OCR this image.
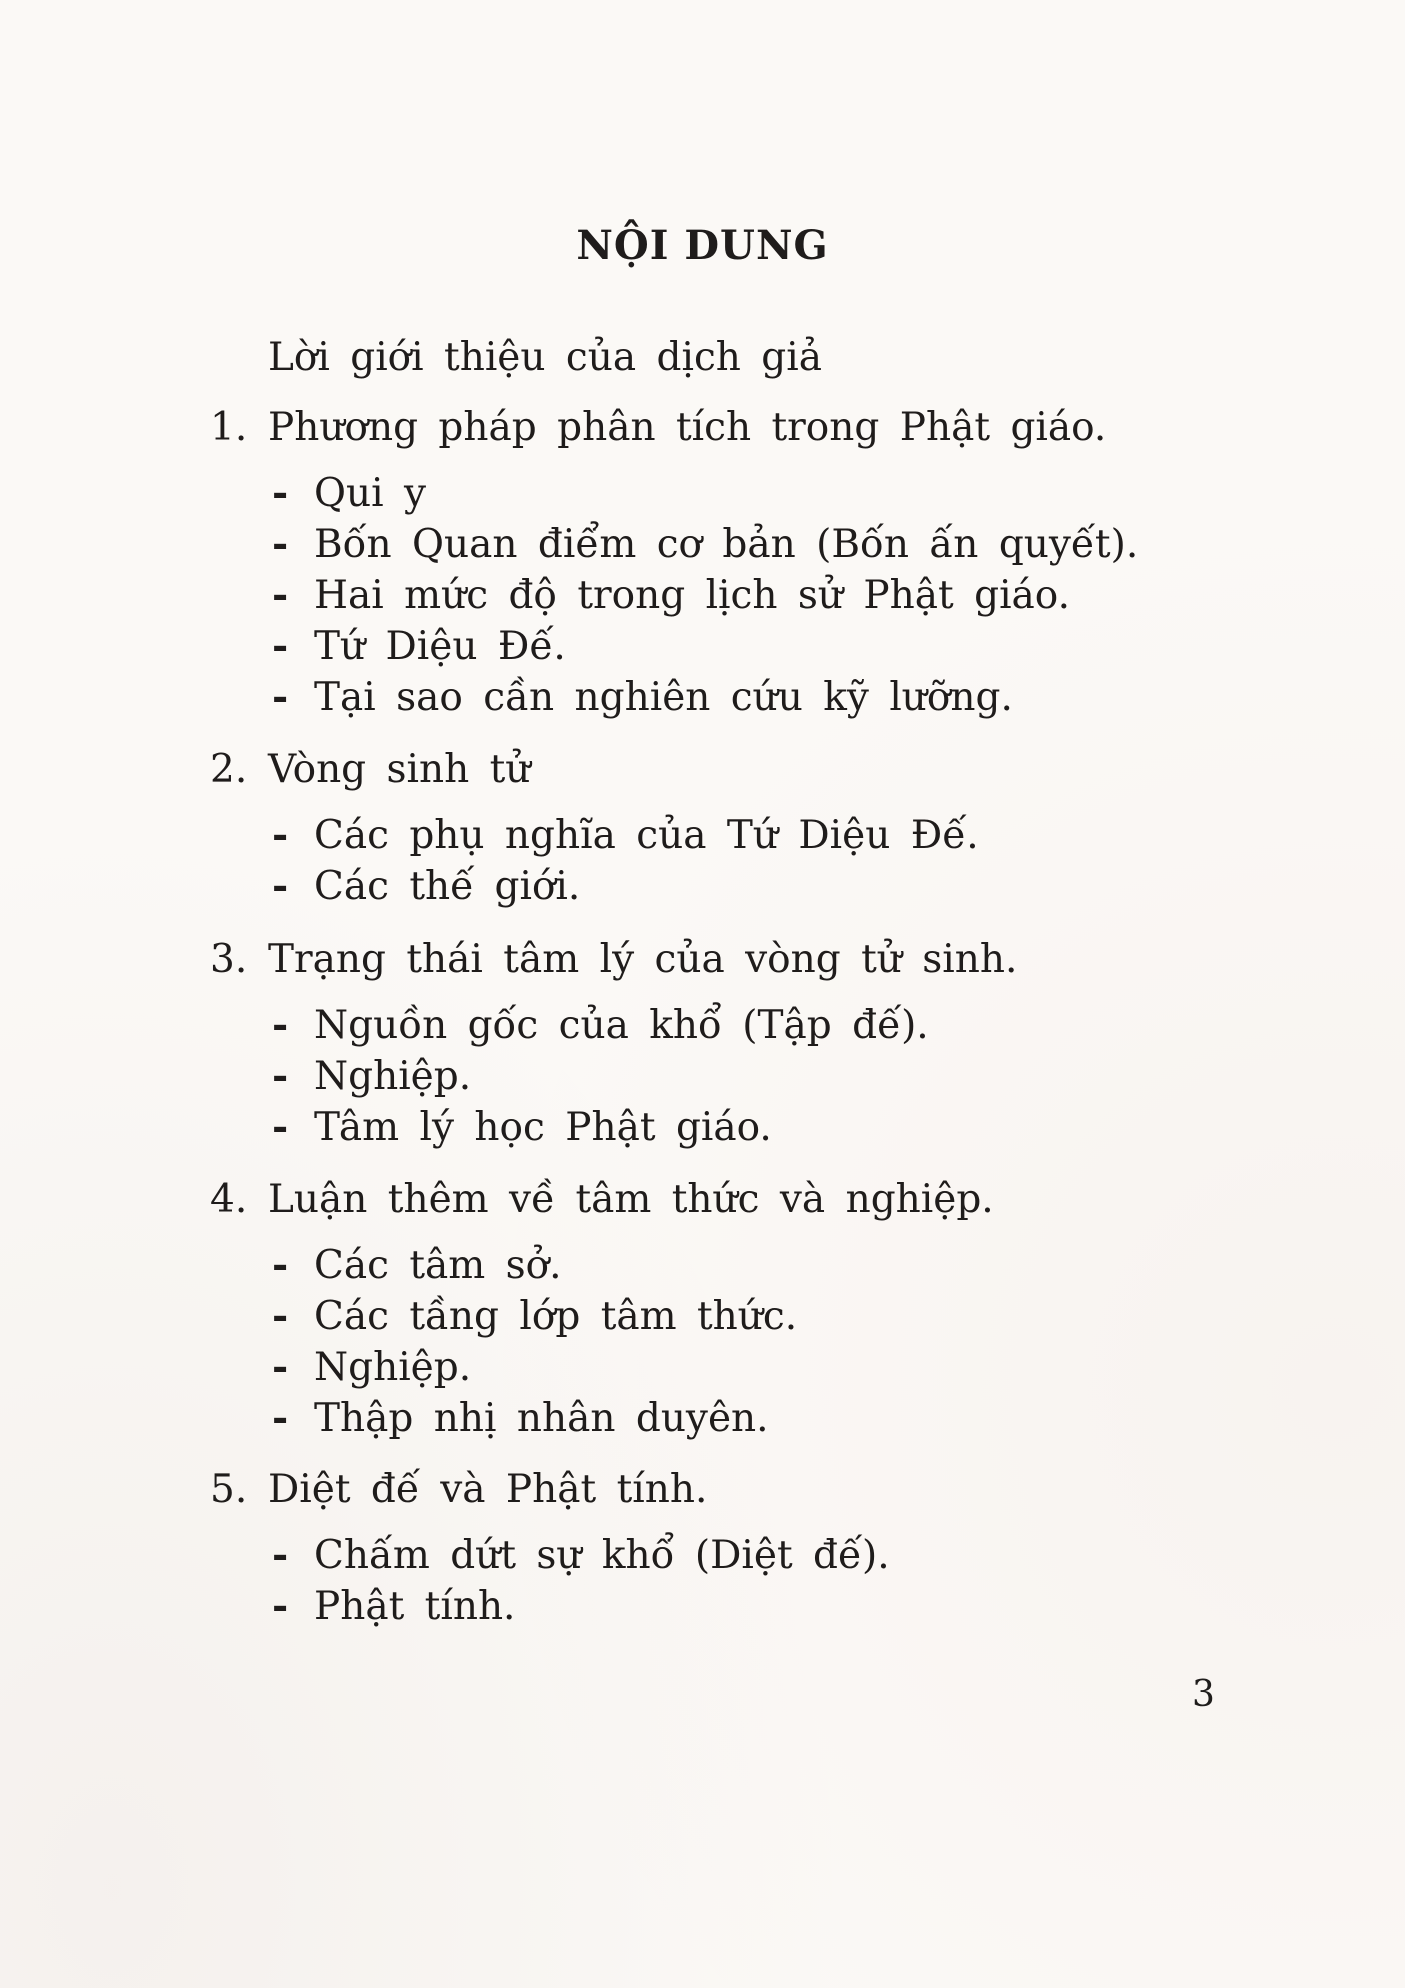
NỘI DUNG
Lời giới thiệu của dịch giả
1. Phương pháp phân tích trong Phật giáo.
- Qui y
- Bốn Quan điểm cơ bản (Bốn ấn quyết).
- Hai mức độ trong lịch sử Phật giáo.
- Tứ Diệu Đế.
- Tại sao cần nghiên cứu kỹ lưỡng.
2. Vòng sinh tử
- Các phụ nghĩa của Tứ Diệu Đế.
- Các thế giới.
3. Trạng thái tâm lý của vòng tử sinh.
- Nguồn gốc của khổ (Tập đế).
- Nghiệp.
- Tâm lý học Phật giáo.
4. Luận thêm về tâm thức và nghiệp.
- Các tâm sở.
- Các tầng lớp tâm thức.
- Nghiệp.
- Thập nhị nhân duyên.
5. Diệt đế và Phật tính.
- Chấm dứt sự khổ (Diệt đế).
- Phật tính.
3
